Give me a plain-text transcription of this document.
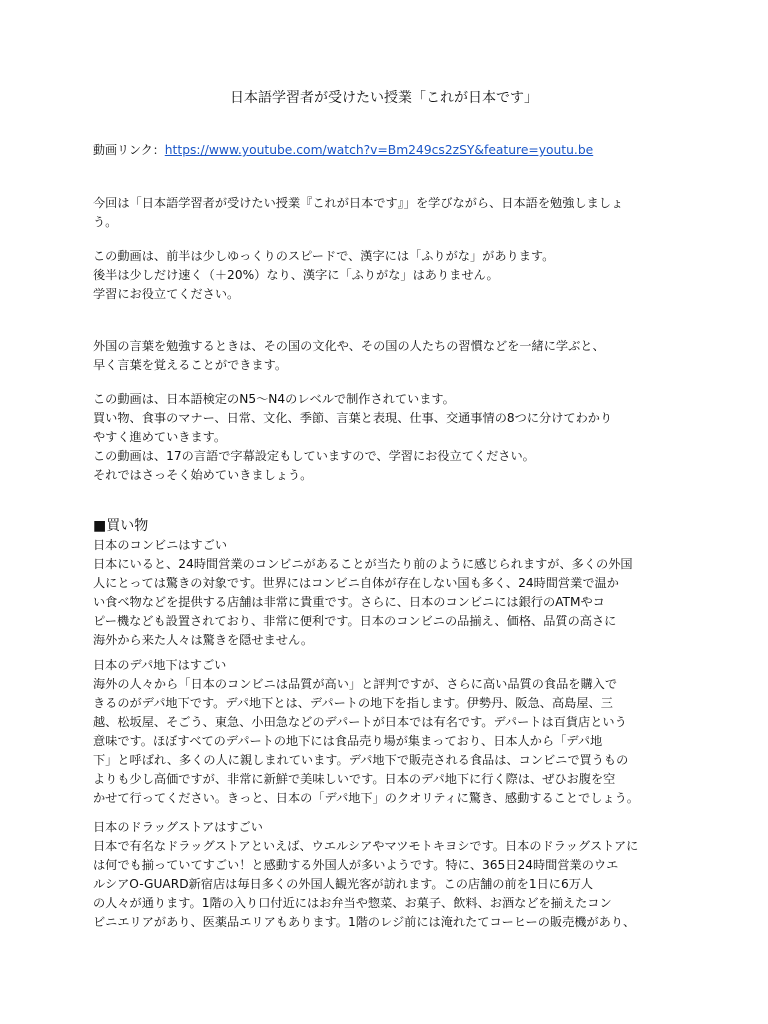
日本語学習者が受けたい授業「これが日本です」

動画リンク：https://www.youtube.com/watch?v=Bm249cs2zSY&feature=youtu.be

今回は「日本語学習者が受けたい授業『これが日本です』」を学びながら、日本語を勉強しましょ

う。

この動画は、前半は少しゆっくりのスピードで、漢字には「ふりがな」があります。

後半は少しだけ速く（＋20%）なり、漢字に「ふりがな」はありません。

学習にお役立てください。

外国の言葉を勉強するときは、その国の文化や、その国の人たちの習慣などを一緒に学ぶと、

早く言葉を覚えることができます。

この動画は、日本語検定のN5～N4のレベルで制作されています。

買い物、食事のマナー、日常、文化、季節、言葉と表現、仕事、交通事情の8つに分けてわかり

やすく進めていきます。

この動画は、17の言語で字幕設定もしていますので、学習にお役立てください。

それではさっそく始めていきましょう。

■買い物

日本のコンビニはすごい

日本にいると、24時間営業のコンビニがあることが当たり前のように感じられますが、多くの外国

人にとっては驚きの対象です。世界にはコンビニ自体が存在しない国も多く、24時間営業で温か

い食べ物などを提供する店舗は非常に貴重です。さらに、日本のコンビニには銀行のATMやコ

ピー機なども設置されており、非常に便利です。日本のコンビニの品揃え、価格、品質の高さに

海外から来た人々は驚きを隠せません。

日本のデパ地下はすごい

海外の人々から「日本のコンビニは品質が高い」と評判ですが、さらに高い品質の食品を購入で

きるのがデパ地下です。デパ地下とは、デパートの地下を指します。伊勢丹、阪急、高島屋、三

越、松坂屋、そごう、東急、小田急などのデパートが日本では有名です。デパートは百貨店という

意味です。ほぼすべてのデパートの地下には食品売り場が集まっており、日本人から「デパ地

下」と呼ばれ、多くの人に親しまれています。デパ地下で販売される食品は、コンビニで買うもの

よりも少し高価ですが、非常に新鮮で美味しいです。日本のデパ地下に行く際は、ぜひお腹を空

かせて行ってください。きっと、日本の「デパ地下」のクオリティに驚き、感動することでしょう。

日本のドラッグストアはすごい

日本で有名なドラッグストアといえば、ウエルシアやマツモトキヨシです。日本のドラッグストアに

は何でも揃っていてすごい！と感動する外国人が多いようです。特に、365日24時間営業のウエ

ルシアO-GUARD新宿店は毎日多くの外国人観光客が訪れます。この店舗の前を1日に6万人

の人々が通ります。1階の入り口付近にはお弁当や惣菜、お菓子、飲料、お酒などを揃えたコン

ビニエリアがあり、医薬品エリアもあります。1階のレジ前には淹れたてコーヒーの販売機があり、
